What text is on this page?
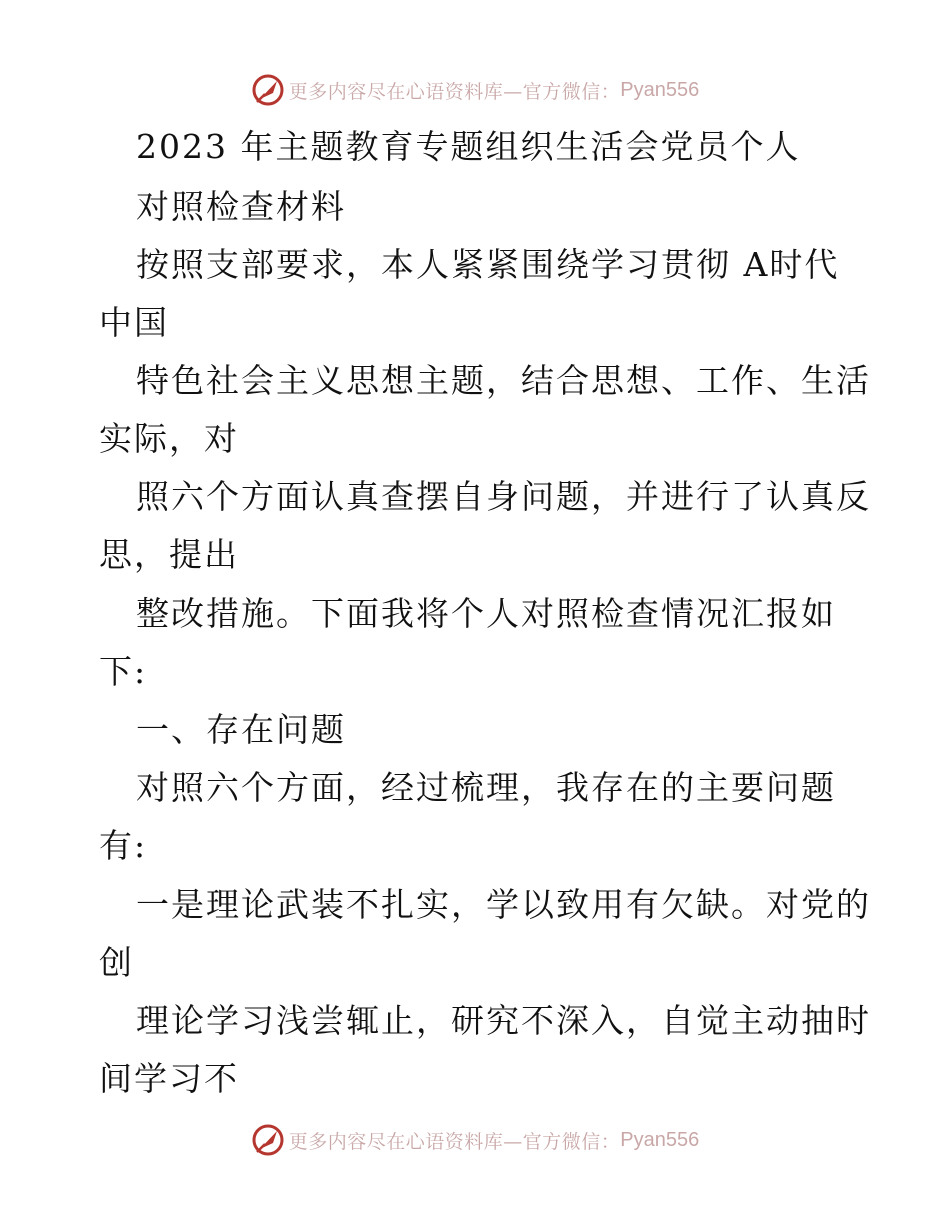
更多内容尽在心语资料库—官方微信： Pyan556
2023 年主题教育专题组织生活会党员个人
对照检查材料
按照支部要求，本人紧紧围绕学习贯彻 A时代
中国
特色社会主义思想主题，结合思想、工作、生活
实际，对
照六个方面认真查摆自身问题，并进行了认真反
思，提出
整改措施。下面我将个人对照检查情况汇报如
下:
一、存在问题
对照六个方面，经过梳理，我存在的主要问题
有:
一是理论武装不扎实，学以致用有欠缺。对党的
创
理论学习浅尝辄止，研究不深入，自觉主动抽时
间学习不
更多内容尽在心语资料库—官方微信： Pyan556
